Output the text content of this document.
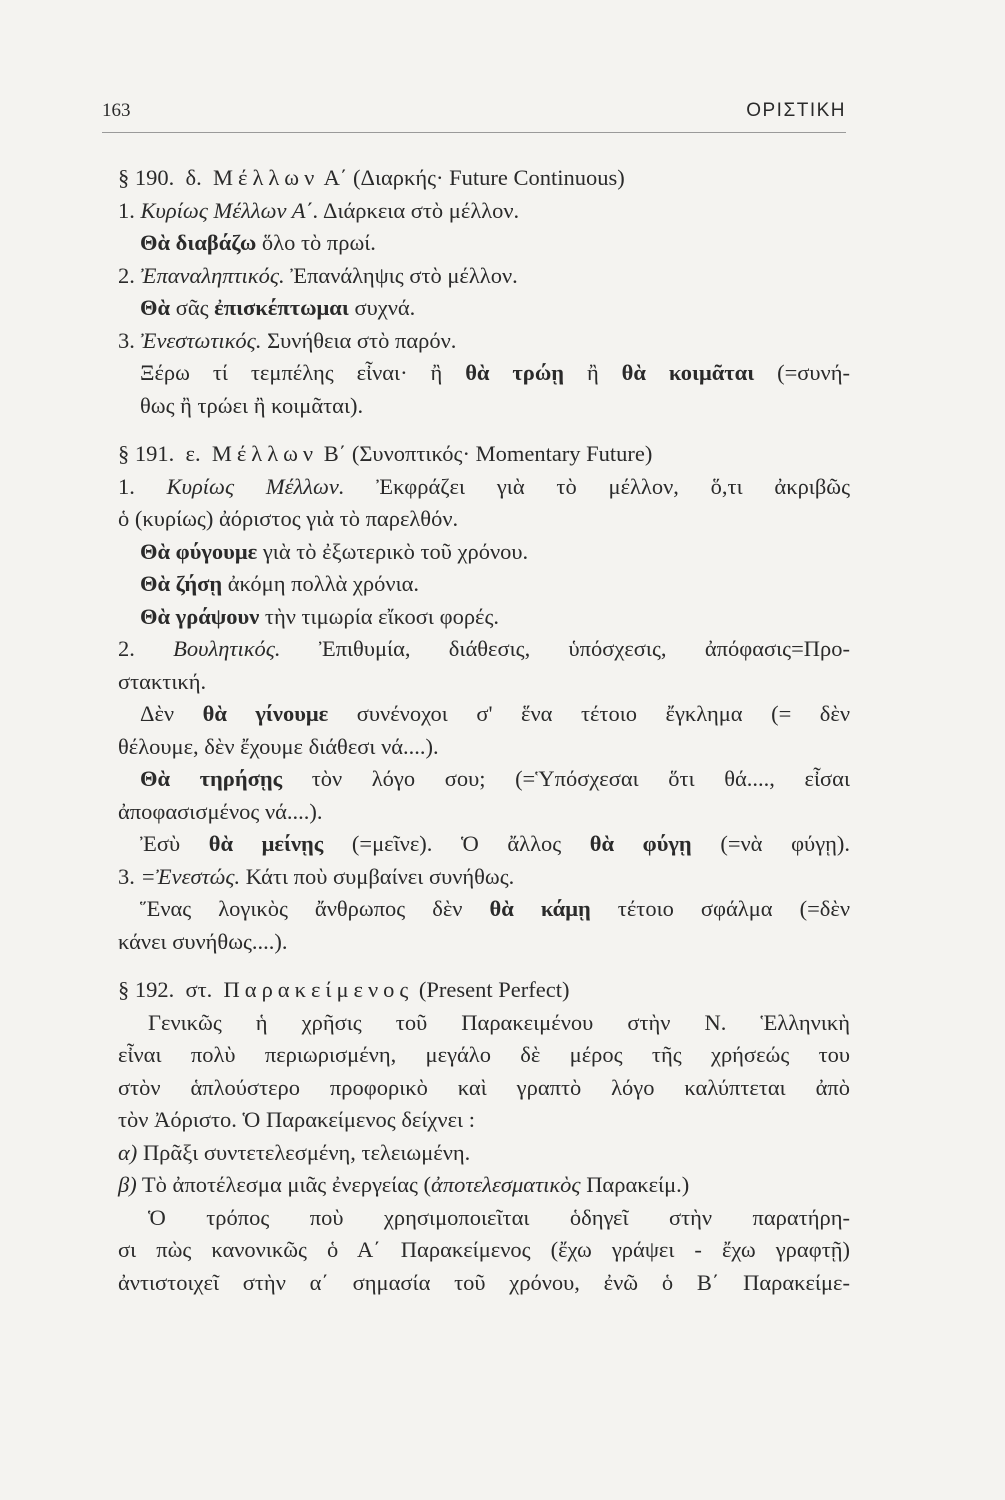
163	ΟΡΙΣΤΙΚΗ
§ 190. δ. Μέλλων Α΄ (Διαρκής· Future Continuous)
1. Κυρίως Μέλλων Α΄. Διάρκεια στὸ μέλλον.
Θὰ διαβάζω ὅλο τὸ πρωί.
2. Ἐπαναληπτικός. Ἐπανάληψις στὸ μέλλον.
Θὰ σᾶς ἐπισκέπτωμαι συχνά.
3. Ἐνεστωτικός. Συνήθεια στὸ παρόν.
Ξέρω τί τεμπέλης εἶναι· ἢ θὰ τρώῃ ἢ θὰ κοιμᾶται (=συνή-
θως ἢ τρώει ἢ κοιμᾶται).
§ 191. ε. Μέλλων Β΄ (Συνοπτικός· Momentary Future)
1. Κυρίως Μέλλων. Ἐκφράζει γιὰ τὸ μέλλον, ὅ,τι ἀκριβῶς
ὁ (κυρίως) ἀόριστος γιὰ τὸ παρελθόν.
Θὰ φύγουμε γιὰ τὸ ἐξωτερικὸ τοῦ χρόνου.
Θὰ ζήσῃ ἀκόμη πολλὰ χρόνια.
Θὰ γράψουν τὴν τιμωρία εἴκοσι φορές.
2. Βουλητικός. Ἐπιθυμία, διάθεσις, ὑπόσχεσις, ἀπόφασις=Προ-
στακτική.
Δὲν θὰ γίνουμε συνένοχοι σ' ἕνα τέτοιο ἔγκλημα (= δὲν
θέλουμε, δὲν ἔχουμε διάθεσι νά....).
Θὰ τηρήσῃς τὸν λόγο σου; (=Ὑπόσχεσαι ὅτι θά...., εἶσαι
ἀποφασισμένος νά....).
Ἐσὺ θὰ μείνῃς (=μεῖνε). Ὁ ἄλλος θὰ φύγῃ (=νὰ φύγῃ).
3. =Ἐνεστώς. Κάτι ποὺ συμβαίνει συνήθως.
Ἕνας λογικὸς ἄνθρωπος δὲν θὰ κάμῃ τέτοιο σφάλμα (=δὲν
κάνει συνήθως....).
§ 192. στ. Παρακείμενος (Present Perfect)
Γενικῶς ἡ χρῆσις τοῦ Παρακειμένου στὴν Ν. Ἑλληνικὴ
εἶναι πολὺ περιωρισμένη, μεγάλο δὲ μέρος τῆς χρήσεώς του
στὸν ἁπλούστερο προφορικὸ καὶ γραπτὸ λόγο καλύπτεται ἀπὸ
τὸν Ἀόριστο. Ὁ Παρακείμενος δείχνει :
α) Πρᾶξι συντετελεσμένη, τελειωμένη.
β) Τὸ ἀποτέλεσμα μιᾶς ἐνεργείας (ἀποτελεσματικὸς Παρακείμ.)
Ὁ τρόπος ποὺ χρησιμοποιεῖται ὁδηγεῖ στὴν παρατήρη-
σι πὼς κανονικῶς ὁ Α΄ Παρακείμενος (ἔχω γράψει - ἔχω γραφτῇ)
ἀντιστοιχεῖ στὴν α΄ σημασία τοῦ χρόνου, ἐνῶ ὁ Β΄ Παρακείμε-
